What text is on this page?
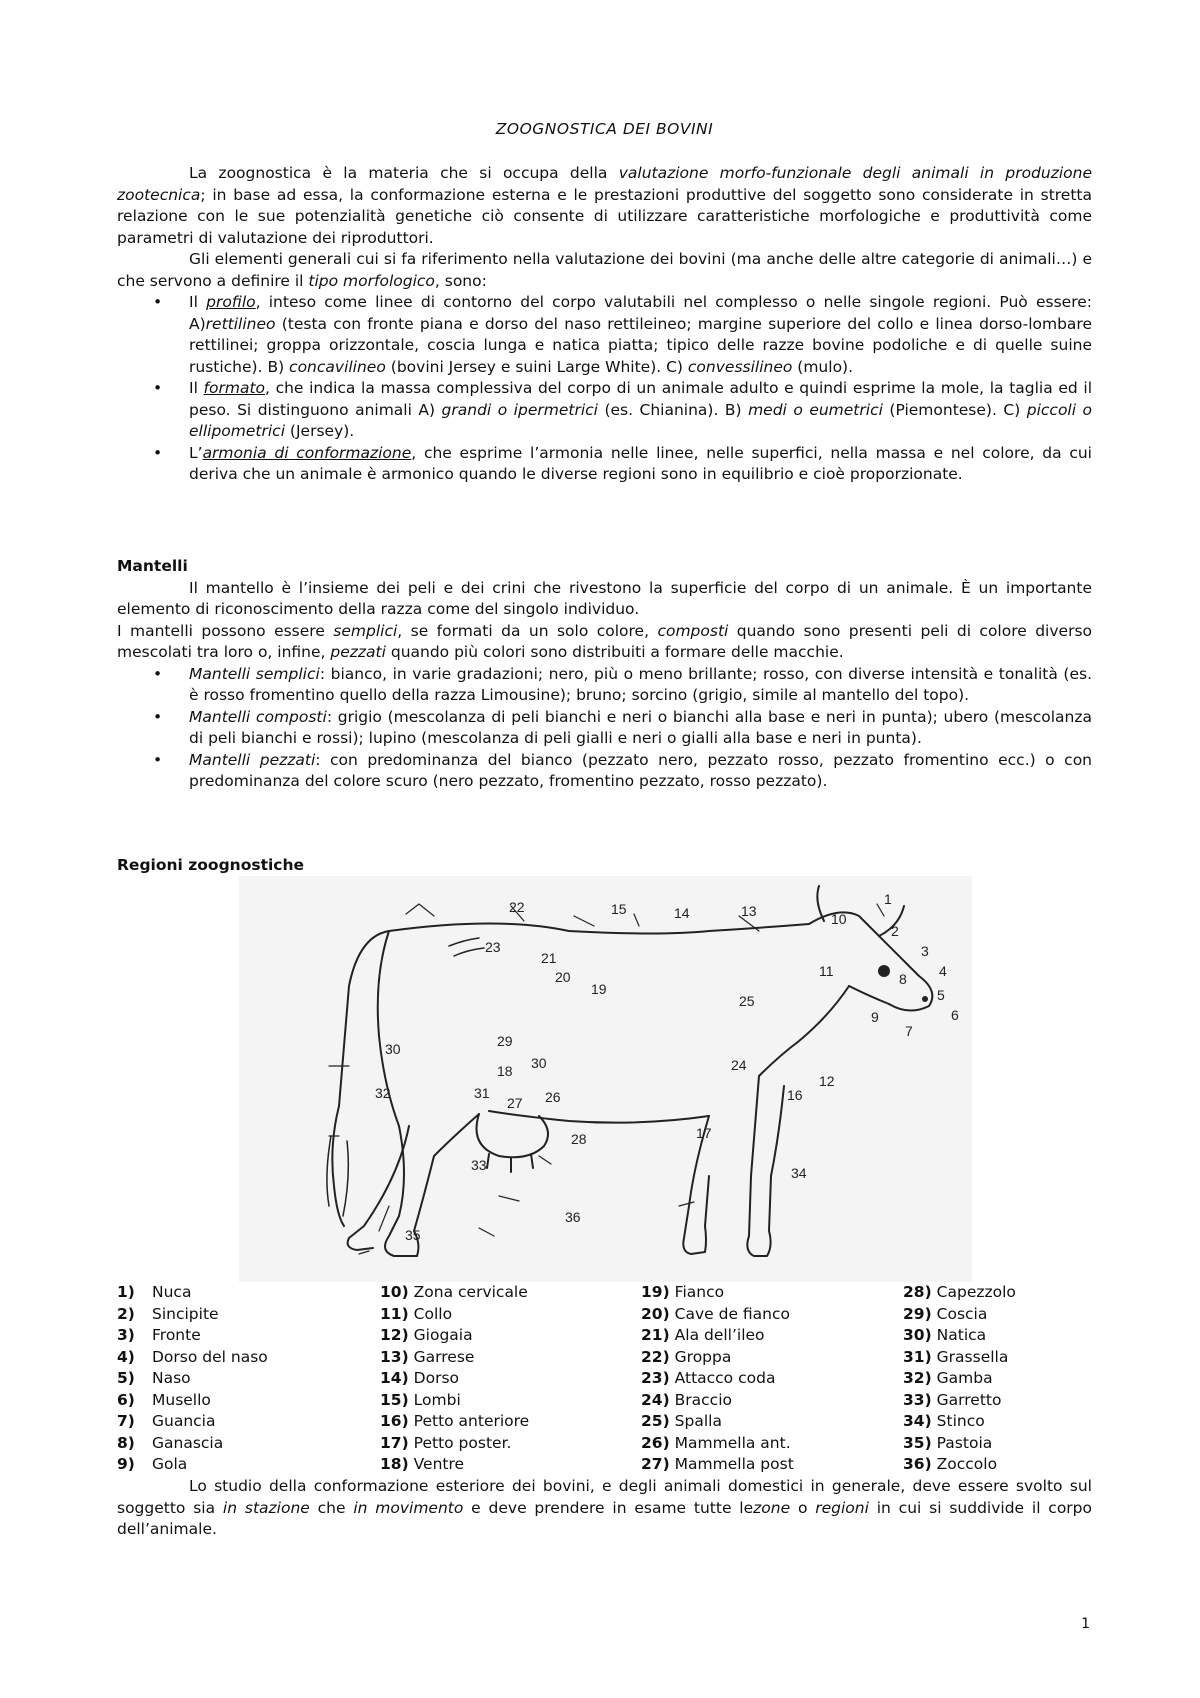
ZOOGNOSTICA DEI BOVINI

La zoognostica è la materia che si occupa della valutazione morfo-funzionale degli animali in produzione zootecnica; in base ad essa, la conformazione esterna e le prestazioni produttive del soggetto sono considerate in stretta relazione con le sue potenzialità genetiche ciò consente di utilizzare caratteristiche morfologiche e produttività come parametri di valutazione dei riproduttori.

Gli elementi generali cui si fa riferimento nella valutazione dei bovini (ma anche delle altre categorie di animali…) e che servono a definire il tipo morfologico, sono:

• Il profilo, inteso come linee di contorno del corpo valutabili nel complesso o nelle singole regioni. Può essere: A)rettilineo (testa con fronte piana e dorso del naso rettileineo; margine superiore del collo e linea dorso-lombare rettilinei; groppa orizzontale, coscia lunga e natica piatta; tipico delle razze bovine podoliche e di quelle suine rustiche). B) concavilineo (bovini Jersey e suini Large White). C) convessilineo (mulo).
• Il formato, che indica la massa complessiva del corpo di un animale adulto e quindi esprime la mole, la taglia ed il peso. Si distinguono animali A) grandi o ipermetrici (es. Chianina). B) medi o eumetrici (Piemontese). C) piccoli o ellipometrici (Jersey).
• L’armonia di conformazione, che esprime l’armonia nelle linee, nelle superfici, nella massa e nel colore, da cui deriva che un animale è armonico quando le diverse regioni sono in equilibrio e cioè proporzionate.
Mantelli

Il mantello è l’insieme dei peli e dei crini che rivestono la superficie del corpo di un animale. È un importante elemento di riconoscimento della razza come del singolo individuo.

I mantelli possono essere semplici, se formati da un solo colore, composti quando sono presenti peli di colore diverso mescolati tra loro o, infine, pezzati quando più colori sono distribuiti a formare delle macchie.

• Mantelli semplici: bianco, in varie gradazioni; nero, più o meno brillante; rosso, con diverse intensità e tonalità (es. è rosso fromentino quello della razza Limousine); bruno; sorcino (grigio, simile al mantello del topo).
• Mantelli composti: grigio (mescolanza di peli bianchi e neri o bianchi alla base e neri in punta); ubero (mescolanza di peli bianchi e rossi); lupino (mescolanza di peli gialli e neri o gialli alla base e neri in punta).
• Mantelli pezzati: con predominanza del bianco (pezzato nero, pezzato rosso, pezzato fromentino ecc.) o con predominanza del colore scuro (nero pezzato, fromentino pezzato, rosso pezzato).
Regioni zoognostiche
1
2
3
4
5
6
7
8
9
10
11
12
13
14
15
16
17
18
19
20
21
22
23
24
25
26
27
28
29
30
30
31
32
33	34
35
36
1) Nuca
2) Sincipite
3) Fronte
4) Dorso del naso
5) Naso
6) Musello
7) Guancia
8) Ganascia
9) Gola
10) Zona cervicale
11) Collo
12) Giogaia
13) Garrese
14) Dorso
15) Lombi
16) Petto anteriore
17) Petto poster.
18) Ventre
19) Fianco
20) Cave de fianco
21) Ala dell’ileo
22) Groppa
23) Attacco coda
24) Braccio
25) Spalla
26) Mammella ant.
27) Mammella post
28) Capezzolo
29) Coscia
30) Natica
31) Grassella
32) Gamba
33) Garretto
34) Stinco
35) Pastoia
36) Zoccolo

Lo studio della conformazione esteriore dei bovini, e degli animali domestici in generale, deve essere svolto sul soggetto sia in stazione che in movimento e deve prendere in esame tutte lezone o regioni in cui si suddivide il corpo dell’animale.

1
